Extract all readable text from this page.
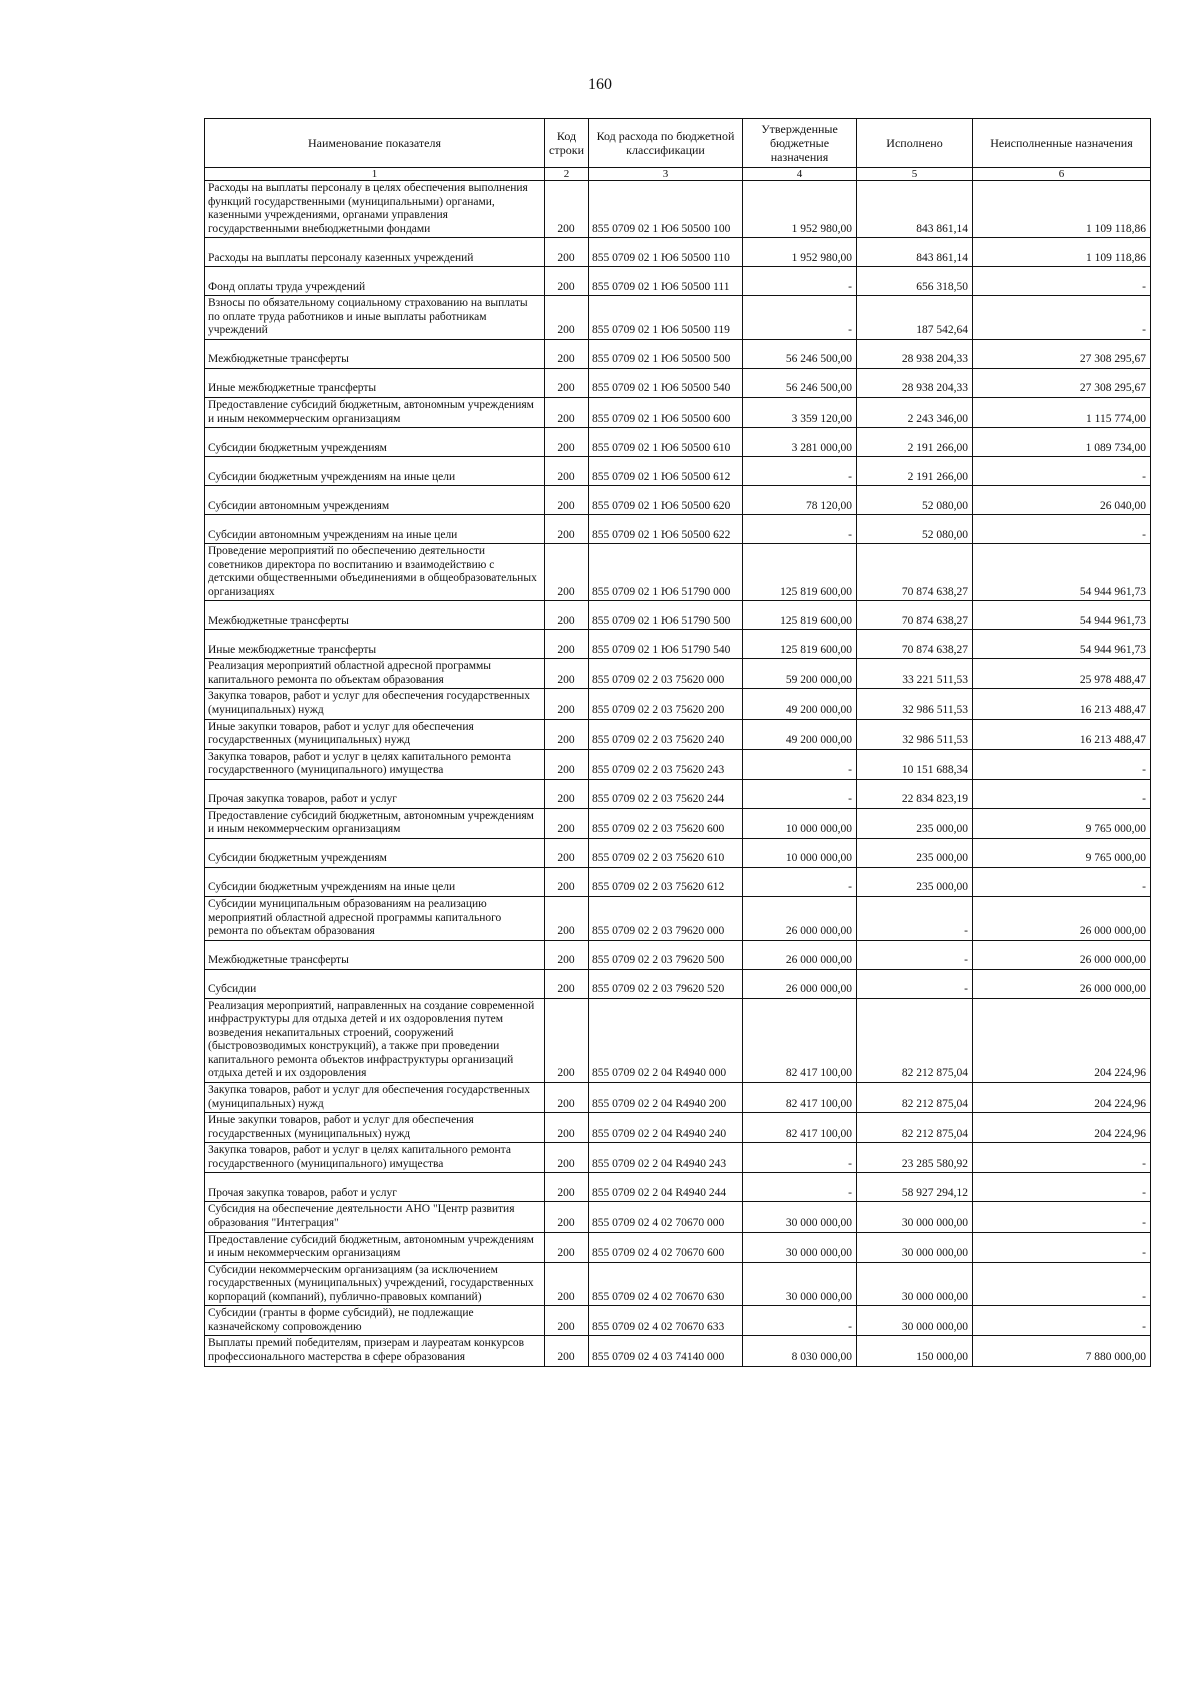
160
Наименование показателя	Код строки	Код расхода по бюджетной классификации	Утвержденные бюджетные назначения	Исполнено	Неисполненные назначения
1	2	3	4	5	6
Расходы на выплаты персоналу в целях обеспечения выполнения функций государственными (муниципальными) органами, казенными учреждениями, органами управления государственными внебюджетными фондами	200	855 0709 02 1 Ю6 50500 100	1 952 980,00	843 861,14	1 109 118,86
Расходы на выплаты персоналу казенных учреждений	200	855 0709 02 1 Ю6 50500 110	1 952 980,00	843 861,14	1 109 118,86
Фонд оплаты труда учреждений	200	855 0709 02 1 Ю6 50500 111	-	656 318,50	-
Взносы по обязательному социальному страхованию на выплаты по оплате труда работников и иные выплаты работникам учреждений	200	855 0709 02 1 Ю6 50500 119	-	187 542,64	-
Межбюджетные трансферты	200	855 0709 02 1 Ю6 50500 500	56 246 500,00	28 938 204,33	27 308 295,67
Иные межбюджетные трансферты	200	855 0709 02 1 Ю6 50500 540	56 246 500,00	28 938 204,33	27 308 295,67
Предоставление субсидий бюджетным, автономным учреждениям и иным некоммерческим организациям	200	855 0709 02 1 Ю6 50500 600	3 359 120,00	2 243 346,00	1 115 774,00
Субсидии бюджетным учреждениям	200	855 0709 02 1 Ю6 50500 610	3 281 000,00	2 191 266,00	1 089 734,00
Субсидии бюджетным учреждениям на иные цели	200	855 0709 02 1 Ю6 50500 612	-	2 191 266,00	-
Субсидии автономным учреждениям	200	855 0709 02 1 Ю6 50500 620	78 120,00	52 080,00	26 040,00
Субсидии автономным учреждениям на иные цели	200	855 0709 02 1 Ю6 50500 622	-	52 080,00	-
Проведение мероприятий по обеспечению деятельности советников директора по воспитанию и взаимодействию с детскими общественными объединениями в общеобразовательных организациях	200	855 0709 02 1 Ю6 51790 000	125 819 600,00	70 874 638,27	54 944 961,73
Межбюджетные трансферты	200	855 0709 02 1 Ю6 51790 500	125 819 600,00	70 874 638,27	54 944 961,73
Иные межбюджетные трансферты	200	855 0709 02 1 Ю6 51790 540	125 819 600,00	70 874 638,27	54 944 961,73
Реализация мероприятий областной адресной программы капитального ремонта по объектам образования	200	855 0709 02 2 03 75620 000	59 200 000,00	33 221 511,53	25 978 488,47
Закупка товаров, работ и услуг для обеспечения государственных (муниципальных) нужд	200	855 0709 02 2 03 75620 200	49 200 000,00	32 986 511,53	16 213 488,47
Иные закупки товаров, работ и услуг для обеспечения государственных (муниципальных) нужд	200	855 0709 02 2 03 75620 240	49 200 000,00	32 986 511,53	16 213 488,47
Закупка товаров, работ и услуг в целях капитального ремонта государственного (муниципального) имущества	200	855 0709 02 2 03 75620 243	-	10 151 688,34	-
Прочая закупка товаров, работ и услуг	200	855 0709 02 2 03 75620 244	-	22 834 823,19	-
Предоставление субсидий бюджетным, автономным учреждениям и иным некоммерческим организациям	200	855 0709 02 2 03 75620 600	10 000 000,00	235 000,00	9 765 000,00
Субсидии бюджетным учреждениям	200	855 0709 02 2 03 75620 610	10 000 000,00	235 000,00	9 765 000,00
Субсидии бюджетным учреждениям на иные цели	200	855 0709 02 2 03 75620 612	-	235 000,00	-
Субсидии муниципальным образованиям на реализацию мероприятий областной адресной программы капитального ремонта по объектам образования	200	855 0709 02 2 03 79620 000	26 000 000,00	-	26 000 000,00
Межбюджетные трансферты	200	855 0709 02 2 03 79620 500	26 000 000,00	-	26 000 000,00
Субсидии	200	855 0709 02 2 03 79620 520	26 000 000,00	-	26 000 000,00
Реализация мероприятий, направленных на создание современной инфраструктуры для отдыха детей и их оздоровления путем возведения некапитальных строений, сооружений (быстровозводимых конструкций), а также при проведении капитального ремонта объектов инфраструктуры организаций отдыха детей и их оздоровления	200	855 0709 02 2 04 R4940 000	82 417 100,00	82 212 875,04	204 224,96
Закупка товаров, работ и услуг для обеспечения государственных (муниципальных) нужд	200	855 0709 02 2 04 R4940 200	82 417 100,00	82 212 875,04	204 224,96
Иные закупки товаров, работ и услуг для обеспечения государственных (муниципальных) нужд	200	855 0709 02 2 04 R4940 240	82 417 100,00	82 212 875,04	204 224,96
Закупка товаров, работ и услуг в целях капитального ремонта государственного (муниципального) имущества	200	855 0709 02 2 04 R4940 243	-	23 285 580,92	-
Прочая закупка товаров, работ и услуг	200	855 0709 02 2 04 R4940 244	-	58 927 294,12	-
Субсидия на обеспечение деятельности АНО "Центр развития образования "Интеграция"	200	855 0709 02 4 02 70670 000	30 000 000,00	30 000 000,00	-
Предоставление субсидий бюджетным, автономным учреждениям и иным некоммерческим организациям	200	855 0709 02 4 02 70670 600	30 000 000,00	30 000 000,00	-
Субсидии некоммерческим организациям (за исключением государственных (муниципальных) учреждений, государственных корпораций (компаний), публично-правовых компаний)	200	855 0709 02 4 02 70670 630	30 000 000,00	30 000 000,00	-
Субсидии (гранты в форме субсидий), не подлежащие казначейскому сопровождению	200	855 0709 02 4 02 70670 633	-	30 000 000,00	-
Выплаты премий победителям, призерам и лауреатам конкурсов профессионального мастерства в сфере образования	200	855 0709 02 4 03 74140 000	8 030 000,00	150 000,00	7 880 000,00
